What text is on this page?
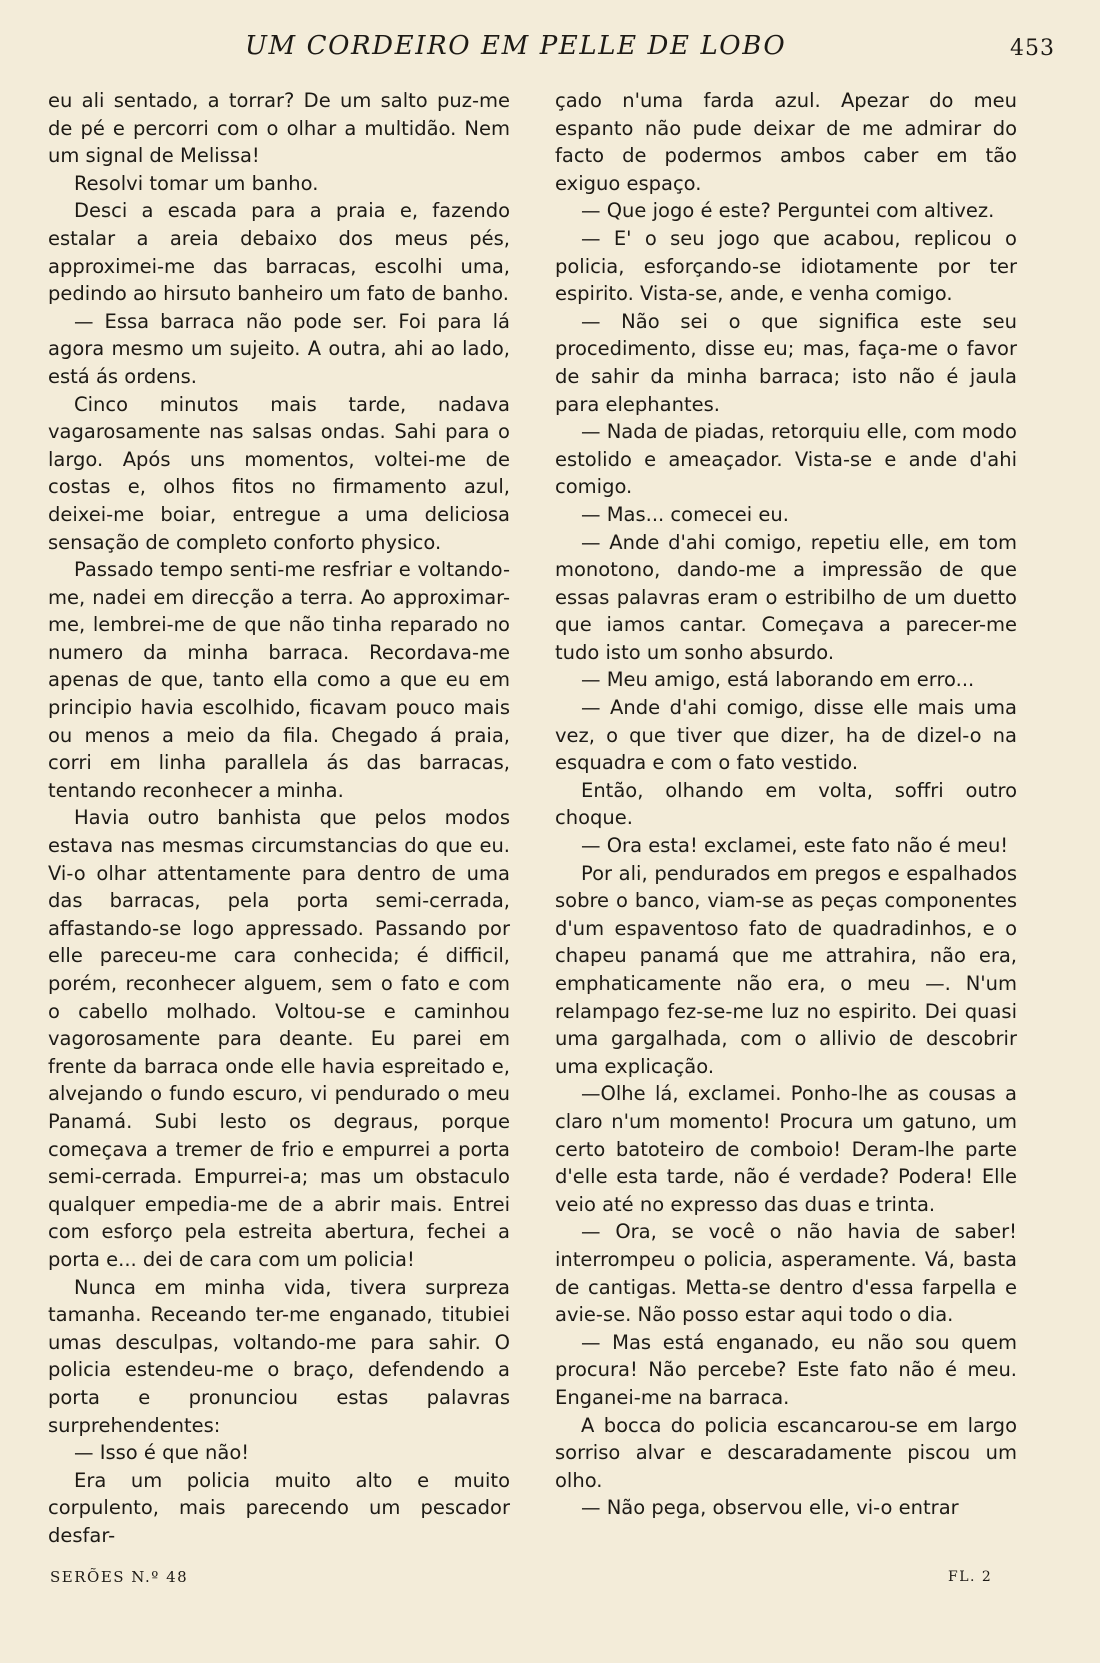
UM CORDEIRO EM PELLE DE LOBO	453

eu ali sentado, a torrar? De um salto puz-me de pé e percorri com o olhar a multidão. Nem um signal de Melissa!

Resolvi tomar um banho.

Desci a escada para a praia e, fazendo estalar a areia debaixo dos meus pés, approximei-me das barracas, escolhi uma, pedindo ao hirsuto banheiro um fato de banho.

— Essa barraca não pode ser. Foi para lá agora mesmo um sujeito. A outra, ahi ao lado, está ás ordens.

Cinco minutos mais tarde, nadava vagarosamente nas salsas ondas. Sahi para o largo. Após uns momentos, voltei-me de costas e, olhos fitos no firmamento azul, deixei-me boiar, entregue a uma deliciosa sensação de completo conforto physico.

Passado tempo senti-me resfriar e voltando-me, nadei em direcção a terra. Ao approximar-me, lembrei-me de que não tinha reparado no numero da minha barraca. Recordava-me apenas de que, tanto ella como a que eu em principio havia escolhido, ficavam pouco mais ou menos a meio da fila. Chegado á praia, corri em linha parallela ás das barracas, tentando reconhecer a minha.

Havia outro banhista que pelos modos estava nas mesmas circumstancias do que eu. Vi-o olhar attentamente para dentro de uma das barracas, pela porta semi-cerrada, affastando-se logo appressado. Passando por elle pareceu-me cara conhecida; é difficil, porém, reconhecer alguem, sem o fato e com o cabello molhado. Voltou-se e caminhou vagorosamente para deante. Eu parei em frente da barraca onde elle havia espreitado e, alvejando o fundo escuro, vi pendurado o meu Panamá. Subi lesto os degraus, porque começava a tremer de frio e empurrei a porta semi-cerrada. Empurrei-a; mas um obstaculo qualquer empedia-me de a abrir mais. Entrei com esforço pela estreita abertura, fechei a porta e... dei de cara com um policia!

Nunca em minha vida, tivera surpreza tamanha. Receando ter-me enganado, titubiei umas desculpas, voltando-me para sahir. O policia estendeu-me o braço, defendendo a porta e pronunciou estas palavras surprehendentes:

— Isso é que não!

Era um policia muito alto e muito corpulento, mais parecendo um pescador desfar-

çado n'uma farda azul. Apezar do meu espanto não pude deixar de me admirar do facto de podermos ambos caber em tão exiguo espaço.

— Que jogo é este? Perguntei com altivez.

— E' o seu jogo que acabou, replicou o policia, esforçando-se idiotamente por ter espirito. Vista-se, ande, e venha comigo.

— Não sei o que significa este seu procedimento, disse eu; mas, faça-me o favor de sahir da minha barraca; isto não é jaula para elephantes.

— Nada de piadas, retorquiu elle, com modo estolido e ameaçador. Vista-se e ande d'ahi comigo.

— Mas... comecei eu.

— Ande d'ahi comigo, repetiu elle, em tom monotono, dando-me a impressão de que essas palavras eram o estribilho de um duetto que iamos cantar. Começava a parecer-me tudo isto um sonho absurdo.

— Meu amigo, está laborando em erro...

— Ande d'ahi comigo, disse elle mais uma vez, o que tiver que dizer, ha de dizel-o na esquadra e com o fato vestido.

Então, olhando em volta, soffri outro choque.

— Ora esta! exclamei, este fato não é meu!

Por ali, pendurados em pregos e espalhados sobre o banco, viam-se as peças componentes d'um espaventoso fato de quadradinhos, e o chapeu panamá que me attrahira, não era, emphaticamente não era, o meu —. N'um relampago fez-se-me luz no espirito. Dei quasi uma gargalhada, com o allivio de descobrir uma explicação.

—Olhe lá, exclamei. Ponho-lhe as cousas a claro n'um momento! Procura um gatuno, um certo batoteiro de comboio! Deram-lhe parte d'elle esta tarde, não é verdade? Podera! Elle veio até no expresso das duas e trinta.

— Ora, se você o não havia de saber! interrompeu o policia, asperamente. Vá, basta de cantigas. Metta-se dentro d'essa farpella e avie-se. Não posso estar aqui todo o dia.

— Mas está enganado, eu não sou quem procura! Não percebe? Este fato não é meu. Enganei-me na barraca.

A bocca do policia escancarou-se em largo sorriso alvar e descaradamente piscou um olho.

— Não pega, observou elle, vi-o entrar

SERÕES N.º 48	FL. 2
